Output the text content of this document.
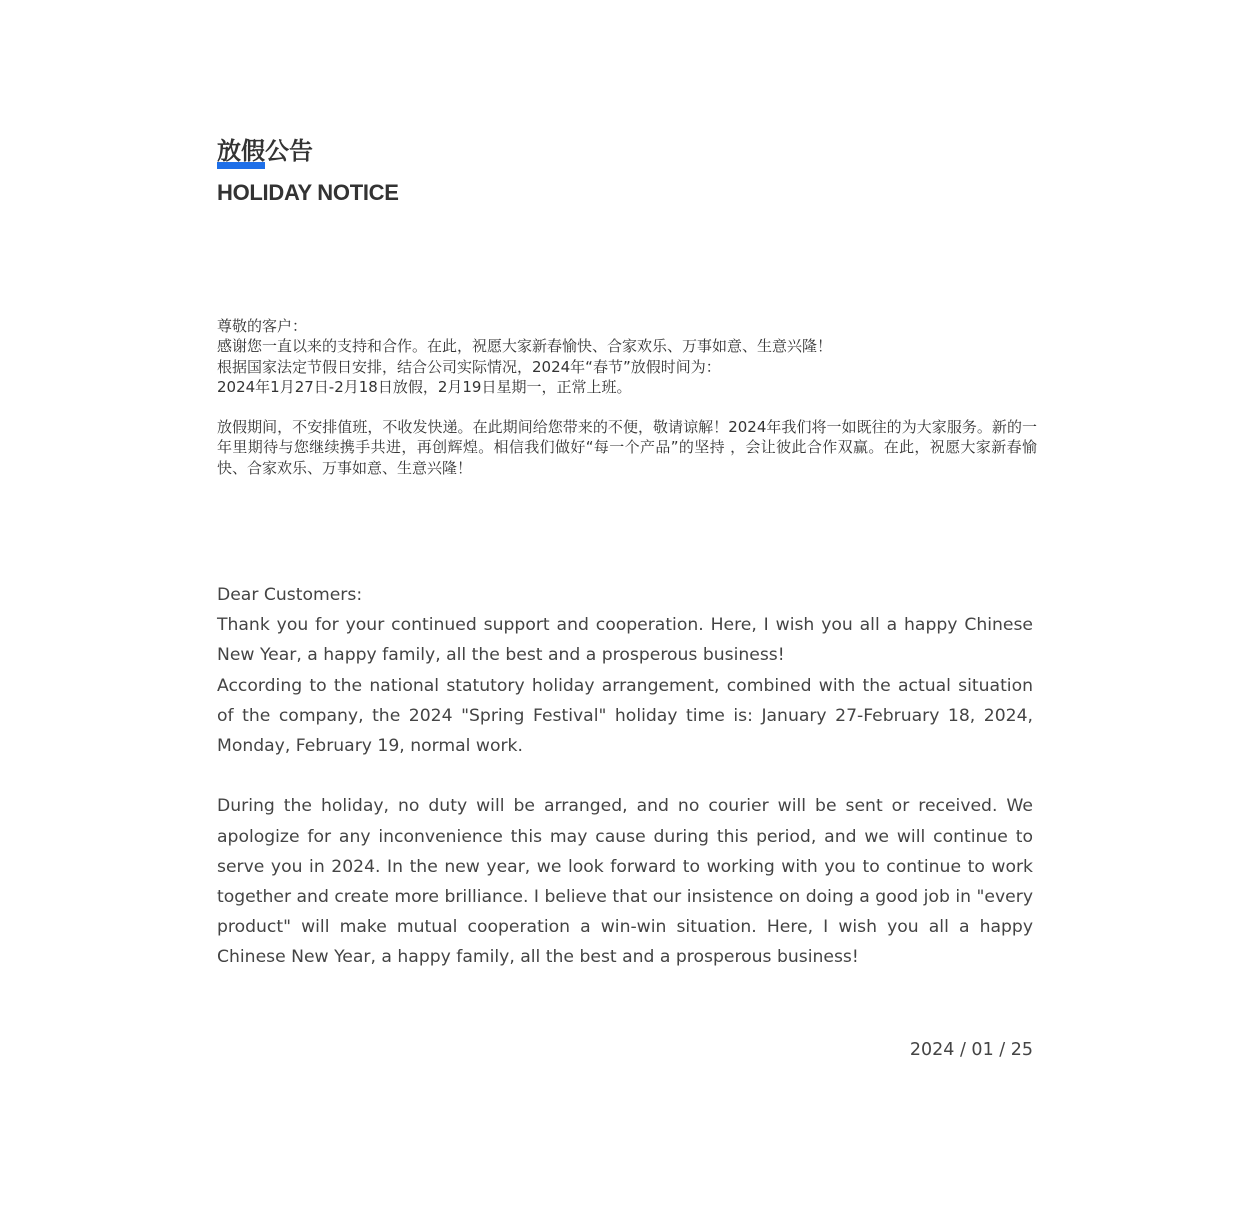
放假公告
HOLIDAY NOTICE

尊敬的客户：

感谢您一直以来的支持和合作。在此，祝愿大家新春愉快、合家欢乐、万事如意、生意兴隆！

根据国家法定节假日安排，结合公司实际情况，2024年“春节”放假时间为：

2024年1月27日-2月18日放假，2月19日星期一，正常上班。

放假期间，不安排值班，不收发快递。在此期间给您带来的不便，敬请谅解！2024年我们将一如既往的为大家服务。新的一年里期待与您继续携手共进，再创辉煌。相信我们做好“每一个产品”的坚持 ，会让彼此合作双赢。在此，祝愿大家新春愉快、合家欢乐、万事如意、生意兴隆！

Dear Customers:

Thank you for your continued support and cooperation. Here, I wish you all a happy Chinese New Year, a happy family, all the best and a prosperous business!

According to the national statutory holiday arrangement, combined with the actual situation of the company, the 2024 "Spring Festival" holiday time is: January 27-February 18, 2024, Monday, February 19, normal work.

During the holiday, no duty will be arranged, and no courier will be sent or received. We apologize for any inconvenience this may cause during this period, and we will continue to serve you in 2024. In the new year, we look forward to working with you to continue to work together and create more brilliance. I believe that our insistence on doing a good job in "every product" will make mutual cooperation a win-win situation. Here, I wish you all a happy Chinese New Year, a happy family, all the best and a prosperous business!

2024 / 01 / 25
